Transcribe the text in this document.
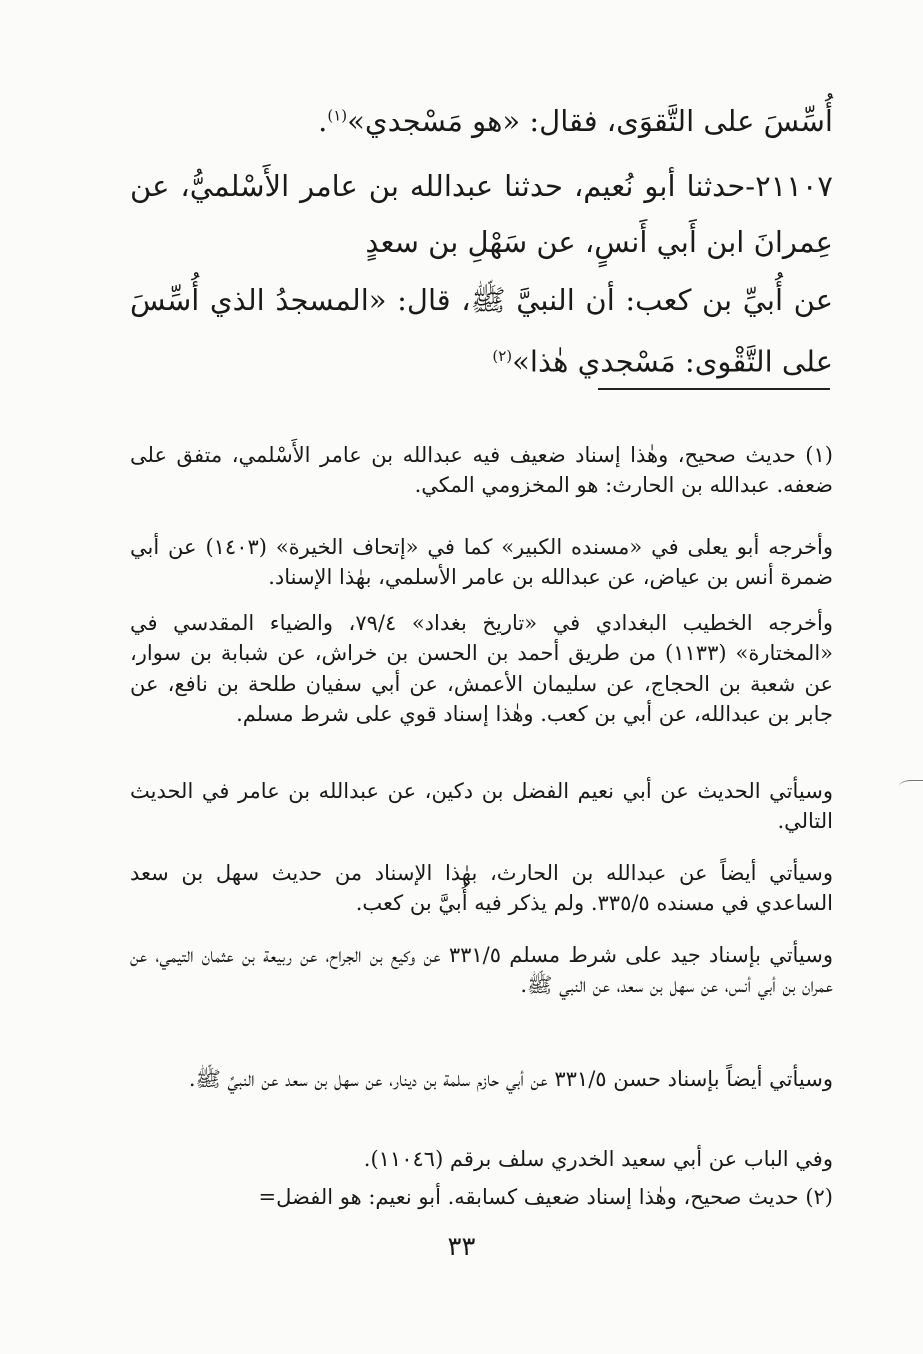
أُسِّسَ على التَّقوَى، فقال: «هو مَسْجدي»$^{(١)}$.

٢١١٠٧-حدثنا أبو نُعيم، حدثنا عبدالله بن عامر الأَسْلميُّ، عن عِمرانَ ابن أَبي أَنسٍ، عن سَهْلِ بن سعدٍ

عن أُبيِّ بن كعب: أن النبيَّ ﷺ، قال: «المسجدُ الذي أُسِّسَ على التَّقْوى: مَسْجدي هٰذا»$^{(٢)}$

(١) حديث صحيح، وهٰذا إسناد ضعيف فيه عبدالله بن عامر الأَسْلمي، متفق على ضعفه. عبدالله بن الحارث: هو المخزومي المكي.

وأخرجه أبو يعلى في «مسنده الكبير» كما في «إتحاف الخيرة» (١٤٠٣) عن أبي ضمرة أنس بن عياض، عن عبدالله بن عامر الأسلمي، بهٰذا الإسناد.

وأخرجه الخطيب البغدادي في «تاريخ بغداد» ٧٩/٤، والضياء المقدسي في «المختارة» (١١٣٣) من طريق أحمد بن الحسن بن خراش، عن شبابة بن سوار، عن شعبة بن الحجاج، عن سليمان الأعمش، عن أبي سفيان طلحة بن نافع، عن جابر بن عبدالله، عن أبي بن كعب. وهٰذا إسناد قوي على شرط مسلم.

وسيأتي الحديث عن أبي نعيم الفضل بن دكين، عن عبدالله بن عامر في الحديث التالي.

وسيأتي أيضاً عن عبدالله بن الحارث، بهٰذا الإسناد من حديث سهل بن سعد الساعدي في مسنده ٣٣٥/٥. ولم يذكر فيه أُبيَّ بن كعب.

وسيأتي بإسناد جيد على شرط مسلم ٣٣١/٥ عن وكيع بن الجراح، عن ربيعة بن عثمان التيمي، عن عمران بن أبي أنس، عن سهل بن سعد، عن النبي ﷺ.

وسيأتي أيضاً بإسناد حسن ٣٣١/٥ عن أبي حازم سلمة بن دينار، عن سهل بن سعد عن النبيِّ ﷺ.

وفي الباب عن أبي سعيد الخدري سلف برقم (١١٠٤٦).

(٢) حديث صحيح، وهٰذا إسناد ضعيف كسابقه. أبو نعيم: هو الفضل=

٣٣
